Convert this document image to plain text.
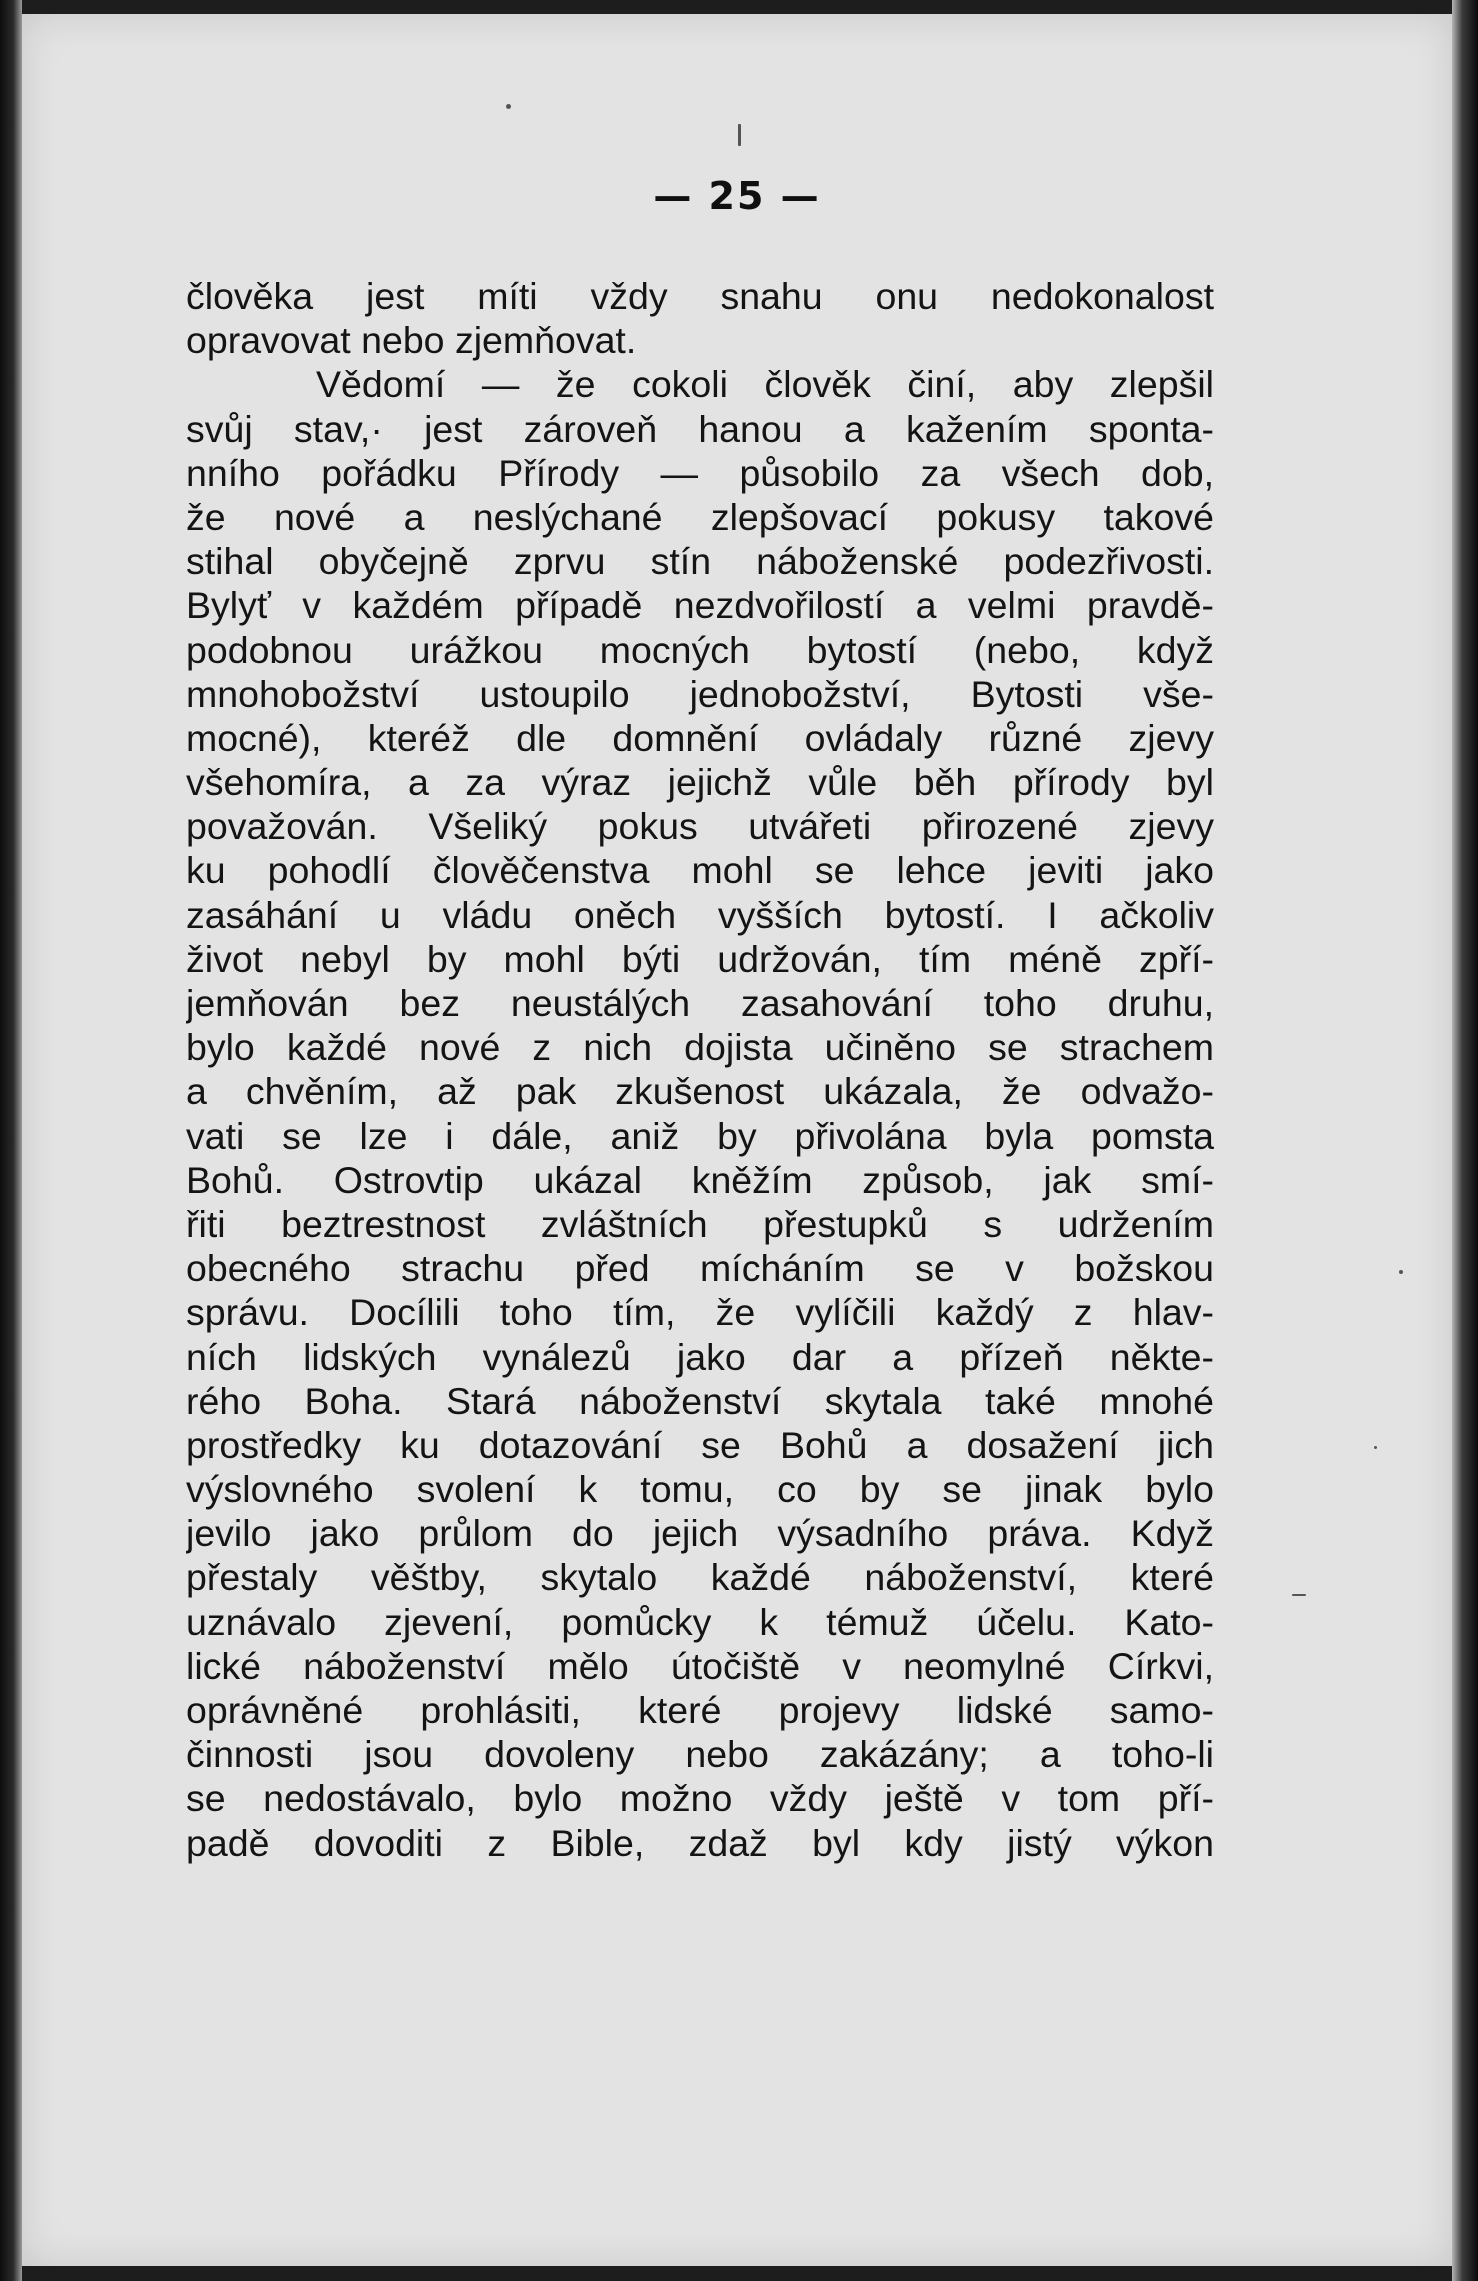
— 25 —
člověka jest míti vždy snahu onu nedokonalost
opravovat nebo zjemňovat.
Vědomí — že cokoli člověk činí, aby zlepšil
svůj stav,· jest zároveň hanou a kažením sponta-
nního pořádku Přírody — působilo za všech dob,
že nové a neslýchané zlepšovací pokusy takové
stihal obyčejně zprvu stín náboženské podezřivosti.
Bylyť v každém případě nezdvořilostí a velmi pravdě-
podobnou urážkou mocných bytostí (nebo, když
mnohobožství ustoupilo jednobožství, Bytosti vše-
mocné), kteréž dle domnění ovládaly různé zjevy
všehomíra, a za výraz jejichž vůle běh přírody byl
považován. Všeliký pokus utvářeti přirozené zjevy
ku pohodlí člověčenstva mohl se lehce jeviti jako
zasáhání u vládu oněch vyšších bytostí. I ačkoliv
život nebyl by mohl býti udržován, tím méně zpří-
jemňován bez neustálých zasahování toho druhu,
bylo každé nové z nich dojista učiněno se strachem
a chvěním, až pak zkušenost ukázala, že odvažo-
vati se lze i dále, aniž by přivolána byla pomsta
Bohů. Ostrovtip ukázal kněžím způsob, jak smí-
řiti beztrestnost zvláštních přestupků s udržením
obecného strachu před mícháním se v božskou
správu. Docílili toho tím, že vylíčili každý z hlav-
ních lidských vynálezů jako dar a přízeň někte-
rého Boha. Stará náboženství skytala také mnohé
prostředky ku dotazování se Bohů a dosažení jich
výslovného svolení k tomu, co by se jinak bylo
jevilo jako průlom do jejich výsadního práva. Když
přestaly věštby, skytalo každé náboženství, které
uznávalo zjevení, pomůcky k témuž účelu. Kato-
lické náboženství mělo útočiště v neomylné Církvi,
oprávněné prohlásiti, které projevy lidské samo-
činnosti jsou dovoleny nebo zakázány; a toho-li
se nedostávalo, bylo možno vždy ještě v tom pří-
padě dovoditi z Bible, zdaž byl kdy jistý výkon
